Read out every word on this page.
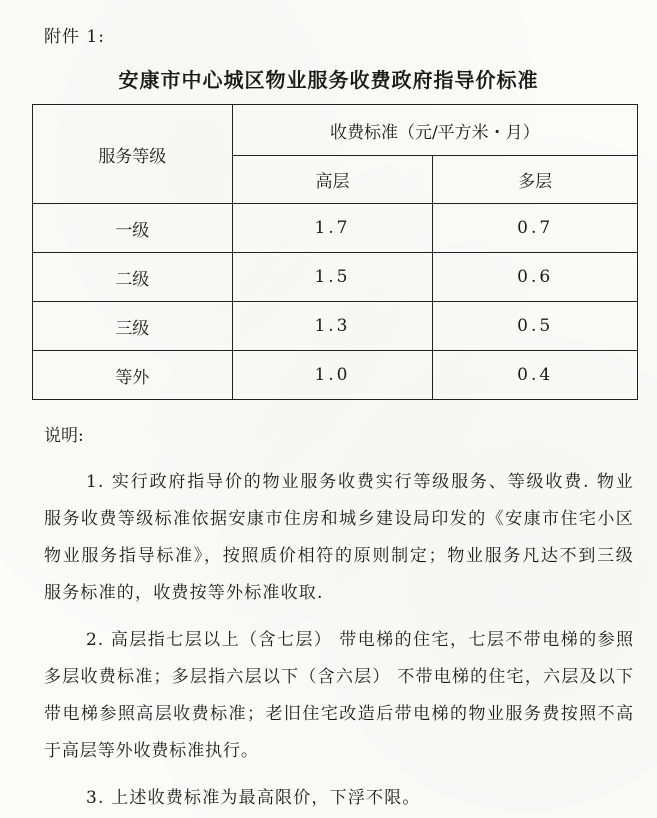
附件 1:
安康市中心城区物业服务收费政府指导价标准
服务等级	收费标准（元/平方米・月）	
	高层	多层
一级	1.7	0.7
二级	1.5	0.6
三级	1.3	0.5
等外	1.0	0.4
说明:

1. 实行政府指导价的物业服务收费实行等级服务、等级收费. 物业服务收费等级标准依据安康市住房和城乡建设局印发的《安康市住宅小区物业服务指导标准》，按照质价相符的原则制定；物业服务凡达不到三级服务标准的，收费按等外标准收取.

2. 高层指七层以上（含七层） 带电梯的住宅，七层不带电梯的参照多层收费标准；多层指六层以下（含六层） 不带电梯的住宅，六层及以下带电梯参照高层收费标准；老旧住宅改造后带电梯的物业服务费按照不高于高层等外收费标准执行。

3. 上述收费标准为最高限价，下浮不限。
